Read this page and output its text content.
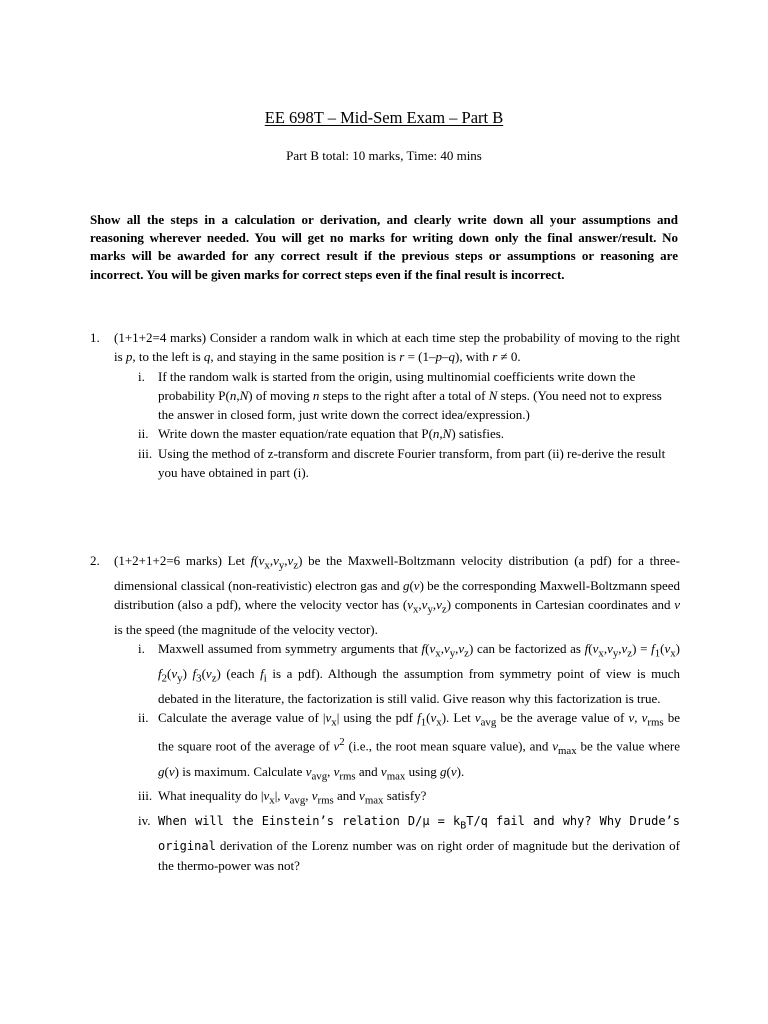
EE 698T – Mid-Sem Exam – Part B
Part B total: 10 marks, Time: 40 mins
Show all the steps in a calculation or derivation, and clearly write down all your assumptions and reasoning wherever needed. You will get no marks for writing down only the final answer/result. No marks will be awarded for any correct result if the previous steps or assumptions or reasoning are incorrect. You will be given marks for correct steps even if the final result is incorrect.
1.	(1+1+2=4 marks) Consider a random walk in which at each time step the probability of moving to the right is p, to the left is q, and staying in the same position is r = (1–p–q), with r ≠ 0.
i.	If the random walk is started from the origin, using multinomial coefficients write down the probability P(n,N) of moving n steps to the right after a total of N steps. (You need not to express the answer in closed form, just write down the correct idea/expression.)
ii. Write down the master equation/rate equation that P(n,N) satisfies.
iii. Using the method of z-transform and discrete Fourier transform, from part (ii) re-derive the result you have obtained in part (i).
2.	(1+2+1+2=6 marks) Let $f(v_x,v_y,v_z)$ be the Maxwell-Boltzmann velocity distribution (a pdf) for a three-dimensional classical (non-reativistic) electron gas and g(v) be the corresponding Maxwell-Boltzmann speed distribution (also a pdf), where the velocity vector has $(v_x,v_y,v_z)$ components in Cartesian coordinates and v is the speed (the magnitude of the velocity vector).
i.	Maxwell assumed from symmetry arguments that $f(v_x,v_y,v_z)$ can be factorized as $f(v_x,v_y,v_z) = f_1(v_x)$ $f_2(v_y)$ $f_3(v_z)$ (each $f_i$ is a pdf). Although the assumption from symmetry point of view is much debated in the literature, the factorization is still valid. Give reason why this factorization is true.
ii. Calculate the average value of $|v_x|$ using the pdf $f_1(v_x)$. Let $v_{avg}$ be the average value of v, $v_{rms}$ be the square root of the average of $v^2$ (i.e., the root mean square value), and $v_{max}$ be the value where g(v) is maximum. Calculate $v_{avg}$, $v_{rms}$ and $v_{max}$ using g(v).
iii. What inequality do $|v_x|$, $v_{avg}$, $v_{rms}$ and $v_{max}$ satisfy?
iv. When will the Einstein’s relation $D/\mu = k_BT/q$ fail and why? Why Drude’s original derivation of the Lorenz number was on right order of magnitude but the derivation of the thermo-power was not?
